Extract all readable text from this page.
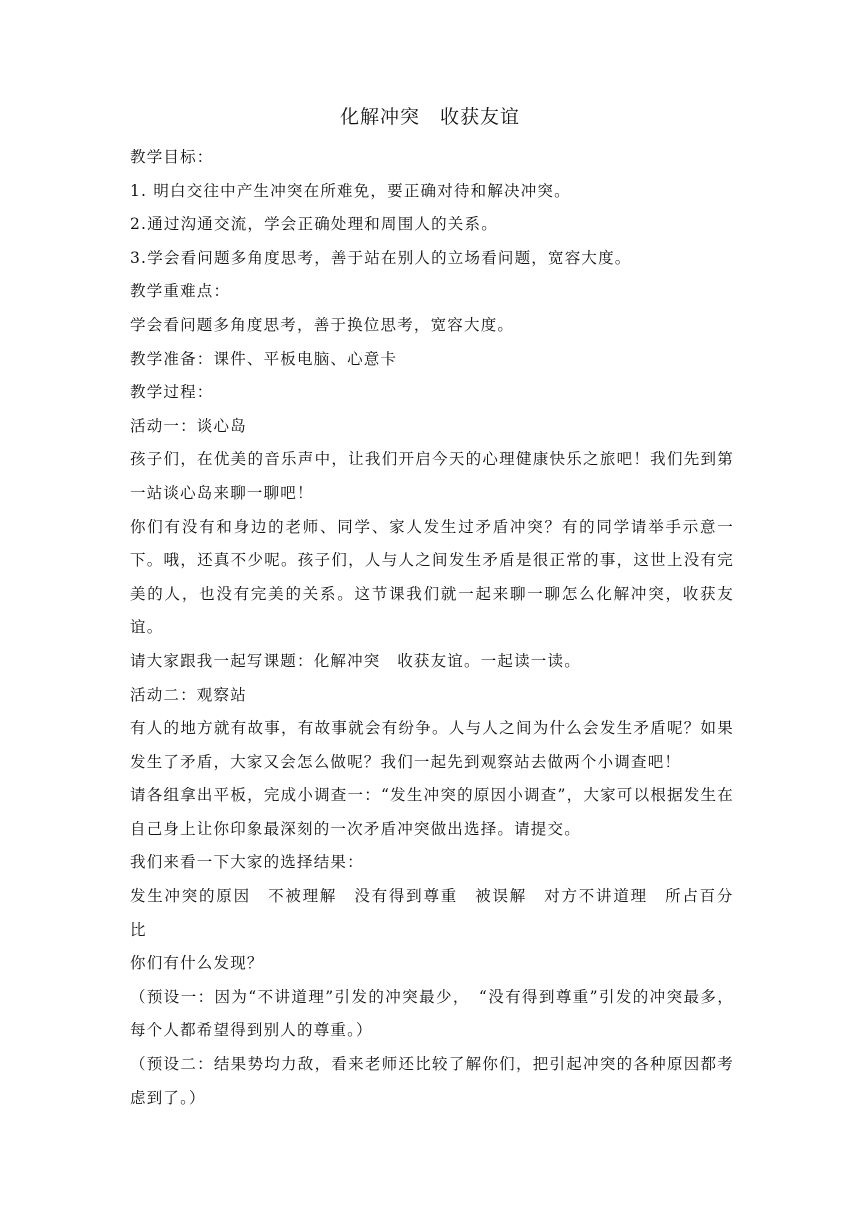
化解冲突　收获友谊

教学目标：

1. 明白交往中产生冲突在所难免，要正确对待和解决冲突。

2.通过沟通交流，学会正确处理和周围人的关系。

3.学会看问题多角度思考，善于站在别人的立场看问题，宽容大度。

教学重难点：

学会看问题多角度思考，善于换位思考，宽容大度。

教学准备：课件、平板电脑、心意卡

教学过程：

活动一：谈心岛

孩子们，在优美的音乐声中，让我们开启今天的心理健康快乐之旅吧！我们先到第一站谈心岛来聊一聊吧！

你们有没有和身边的老师、同学、家人发生过矛盾冲突？有的同学请举手示意一下。哦，还真不少呢。孩子们，人与人之间发生矛盾是很正常的事，这世上没有完美的人，也没有完美的关系。这节课我们就一起来聊一聊怎么化解冲突，收获友谊。

请大家跟我一起写课题：化解冲突　收获友谊。一起读一读。

活动二：观察站

有人的地方就有故事，有故事就会有纷争。人与人之间为什么会发生矛盾呢？如果发生了矛盾，大家又会怎么做呢？我们一起先到观察站去做两个小调查吧！

请各组拿出平板，完成小调查一：“发生冲突的原因小调查”，大家可以根据发生在自己身上让你印象最深刻的一次矛盾冲突做出选择。请提交。

我们来看一下大家的选择结果：

发生冲突的原因　不被理解　没有得到尊重　被误解　对方不讲道理　所占百分比

你们有什么发现？

（预设一：因为“不讲道理”引发的冲突最少，　“没有得到尊重”引发的冲突最多，每个人都希望得到别人的尊重。）

（预设二：结果势均力敌，看来老师还比较了解你们，把引起冲突的各种原因都考虑到了。）
